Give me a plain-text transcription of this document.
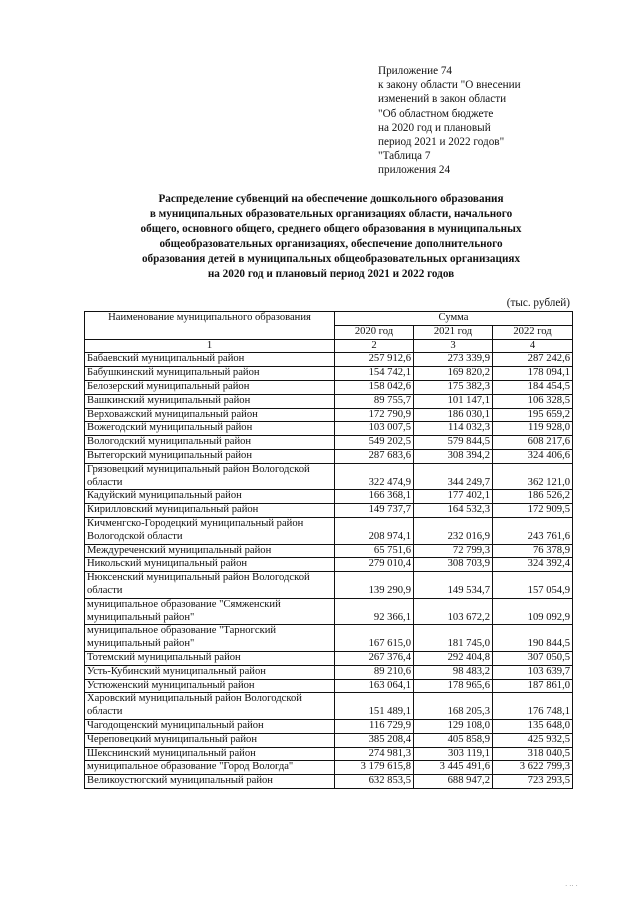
Приложение 74
к закону области "О внесении
изменений в закон области
"Об областном бюджете
на 2020 год и плановый
период 2021 и 2022 годов"
"Таблица 7
приложения 24
Распределение субвенций на обеспечение дошкольного образования
в муниципальных образовательных организациях области, начального
общего, основного общего, среднего общего образования в муниципальных
общеобразовательных организациях, обеспечение дополнительного
образования детей в муниципальных общеобразовательных организациях
на 2020 год и плановый период 2021 и 2022 годов
(тыс. рублей)
Наименование муниципального образования	Сумма		
	2020 год	2021 год	2022 год
1	2	3	4
Бабаевский муниципальный район	257 912,6	273 339,9	287 242,6
Бабушкинский муниципальный район	154 742,1	169 820,2	178 094,1
Белозерский муниципальный район	158 042,6	175 382,3	184 454,5
Вашкинский муниципальный район	89 755,7	101 147,1	106 328,5
Верховажский муниципальный район	172 790,9	186 030,1	195 659,2
Вожегодский муниципальный район	103 007,5	114 032,3	119 928,0
Вологодский муниципальный район	549 202,5	579 844,5	608 217,6
Вытегорский муниципальный район	287 683,6	308 394,2	324 406,6
Грязовецкий муниципальный район Вологодской области	322 474,9	344 249,7	362 121,0
Кадуйский муниципальный район	166 368,1	177 402,1	186 526,2
Кирилловский муниципальный район	149 737,7	164 532,3	172 909,5
Кичменгско-Городецкий муниципальный район Вологодской области	208 974,1	232 016,9	243 761,6
Междуреченский муниципальный район	65 751,6	72 799,3	76 378,9
Никольский муниципальный район	279 010,4	308 703,9	324 392,4
Нюксенский муниципальный район Вологодской области	139 290,9	149 534,7	157 054,9
муниципальное образование "Сямженский муниципальный район"	92 366,1	103 672,2	109 092,9
муниципальное образование "Тарногский муниципальный район"	167 615,0	181 745,0	190 844,5
Тотемский муниципальный район	267 376,4	292 404,8	307 050,5
Усть-Кубинский муниципальный район	89 210,6	98 483,2	103 639,7
Устюженский муниципальный район	163 064,1	178 965,6	187 861,0
Харовский муниципальный район Вологодской области	151 489,1	168 205,3	176 748,1
Чагодощенский муниципальный район	116 729,9	129 108,0	135 648,0
Череповецкий муниципальный район	385 208,4	405 858,9	425 932,5
Шекснинский муниципальный район	274 981,3	303 119,1	318 040,5
муниципальное образование "Город Вологда"	3 179 615,8	3 445 491,6	3 622 799,3
Великоустюгский муниципальный район	632 853,5	688 947,2	723 293,5
· ·· ·
